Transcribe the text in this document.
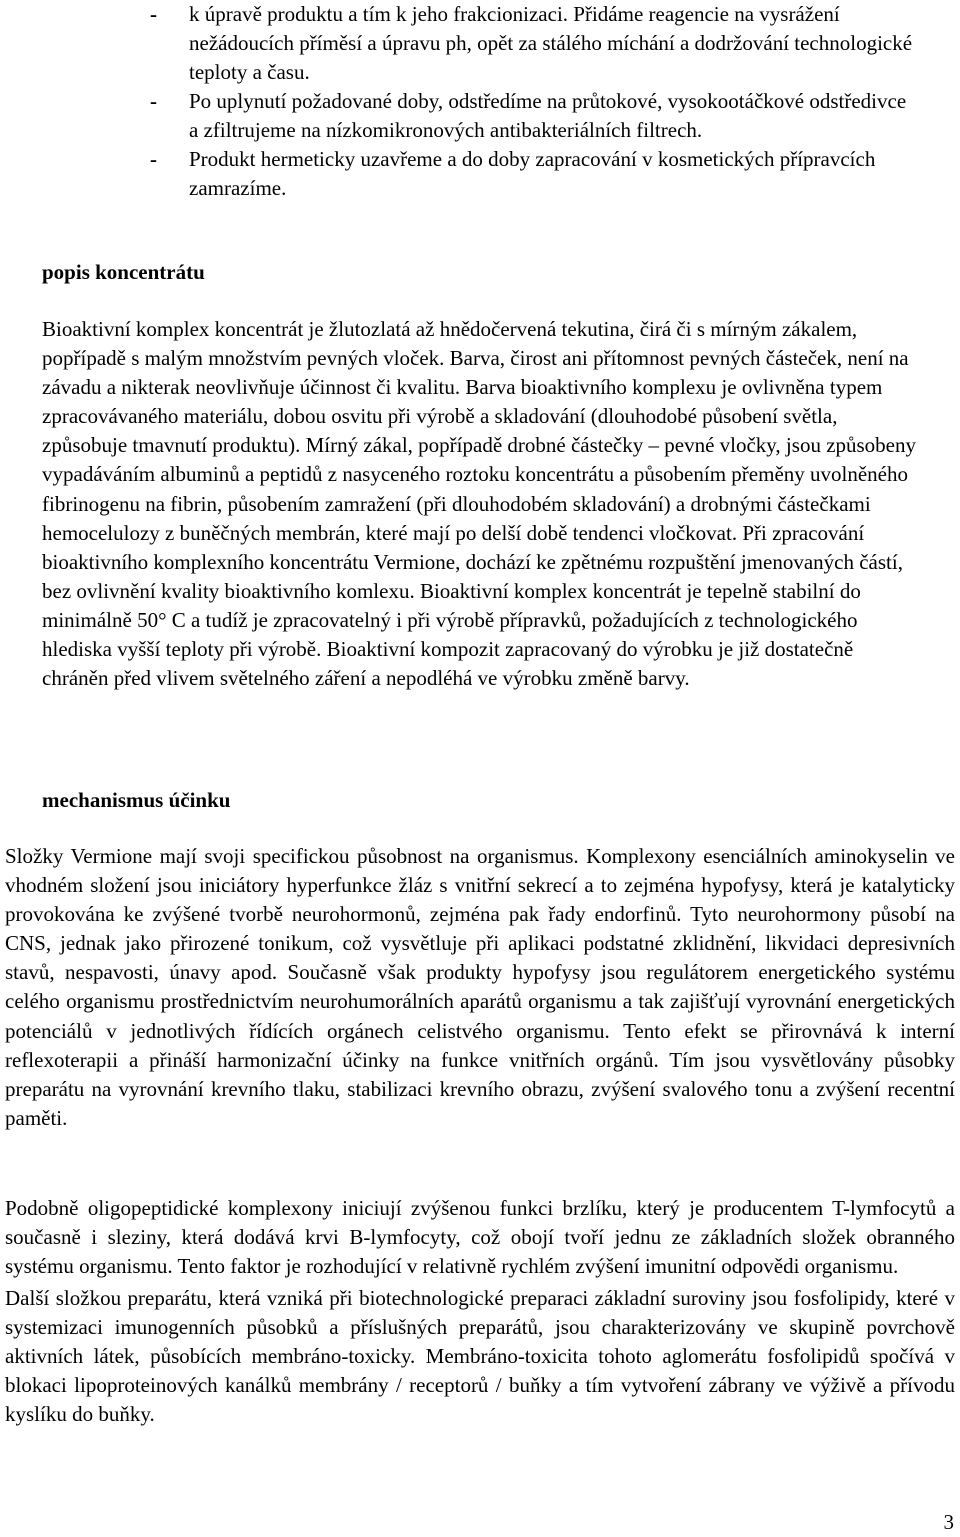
- k úpravě produktu a tím k jeho frakcionizaci. Přidáme reagencie na vysrážení nežádoucích příměsí a úpravu ph, opět za stálého míchání a dodržování technologické teploty a času.
- Po uplynutí požadované doby, odstředíme na průtokové, vysokootáčkové odstředivce a zfiltrujeme na nízkomikronových antibakteriálních filtrech.
- Produkt hermeticky uzavřeme a do doby zapracování v kosmetických přípravcích zamrazíme.
popis koncentrátu
Bioaktivní komplex koncentrát je žlutozlatá až hnědočervená tekutina, čirá či s mírným zákalem, popřípadě s malým množstvím pevných vloček. Barva, čirost ani přítomnost pevných částeček, není na závadu a nikterak neovlivňuje účinnost či kvalitu. Barva bioaktivního komplexu je ovlivněna typem zpracovávaného materiálu, dobou osvitu při výrobě a skladování (dlouhodobé působení světla, způsobuje tmavnutí produktu). Mírný zákal, popřípadě drobné částečky – pevné vločky, jsou způsobeny vypadáváním albuminů a peptidů z nasyceného roztoku koncentrátu a působením přeměny uvolněného fibrinogenu na fibrin, působením zamražení (při dlouhodobém skladování) a drobnými částečkami hemocelulozy z buněčných membrán, které mají po delší době tendenci vločkovat. Při zpracování bioaktivního komplexního koncentrátu Vermione, dochází ke zpětnému rozpuštění jmenovaných částí, bez ovlivnění kvality bioaktivního komlexu. Bioaktivní komplex koncentrát je tepelně stabilní do minimálně 50° C a tudíž je zpracovatelný i při výrobě přípravků, požadujících z technologického hlediska vyšší teploty při výrobě. Bioaktivní kompozit zapracovaný do výrobku je již dostatečně chráněn před vlivem světelného záření a nepodléhá ve výrobku změně barvy.
mechanismus účinku
Složky Vermione mají svoji specifickou působnost na organismus. Komplexony esenciálních aminokyselin ve vhodném složení jsou iniciátory hyperfunkce žláz s vnitřní sekrecí a to zejména hypofysy, která je katalyticky provokována ke zvýšené tvorbě neurohormonů, zejména pak řady endorfinů. Tyto neurohormony působí na CNS, jednak jako přirozené tonikum, což vysvětluje při aplikaci podstatné zklidnění, likvidaci depresivních stavů, nespavosti, únavy apod. Současně však produkty hypofysy jsou regulátorem energetického systému celého organismu prostřednictvím neurohumorálních aparátů organismu a tak zajišťují vyrovnání energetických potenciálů v jednotlivých řídících orgánech celistvého organismu. Tento efekt se přirovnává k interní reflexoterapii a přináší harmonizační účinky na funkce vnitřních orgánů. Tím jsou vysvětlovány působky preparátu na vyrovnání krevního tlaku, stabilizaci krevního obrazu, zvýšení svalového tonu a zvýšení recentní paměti.
Podobně oligopeptidické komplexony iniciují zvýšenou funkci brzlíku, který je producentem T-lymfocytů a současně i sleziny, která dodává krvi B-lymfocyty, což obojí tvoří jednu ze základních složek obranného systému organismu. Tento faktor je rozhodující v relativně rychlém zvýšení imunitní odpovědi organismu.
Další složkou preparátu, která vzniká při biotechnologické preparaci základní suroviny jsou fosfolipidy, které v systemizaci imunogenních působků a příslušných preparátů, jsou charakterizovány ve skupině povrchově aktivních látek, působících membráno-toxicky. Membráno-toxicita tohoto aglomerátu fosfolipidů spočívá v blokaci lipoproteinových kanálků membrány / receptorů / buňky a tím vytvoření zábrany ve výživě a přívodu kyslíku do buňky.
3
